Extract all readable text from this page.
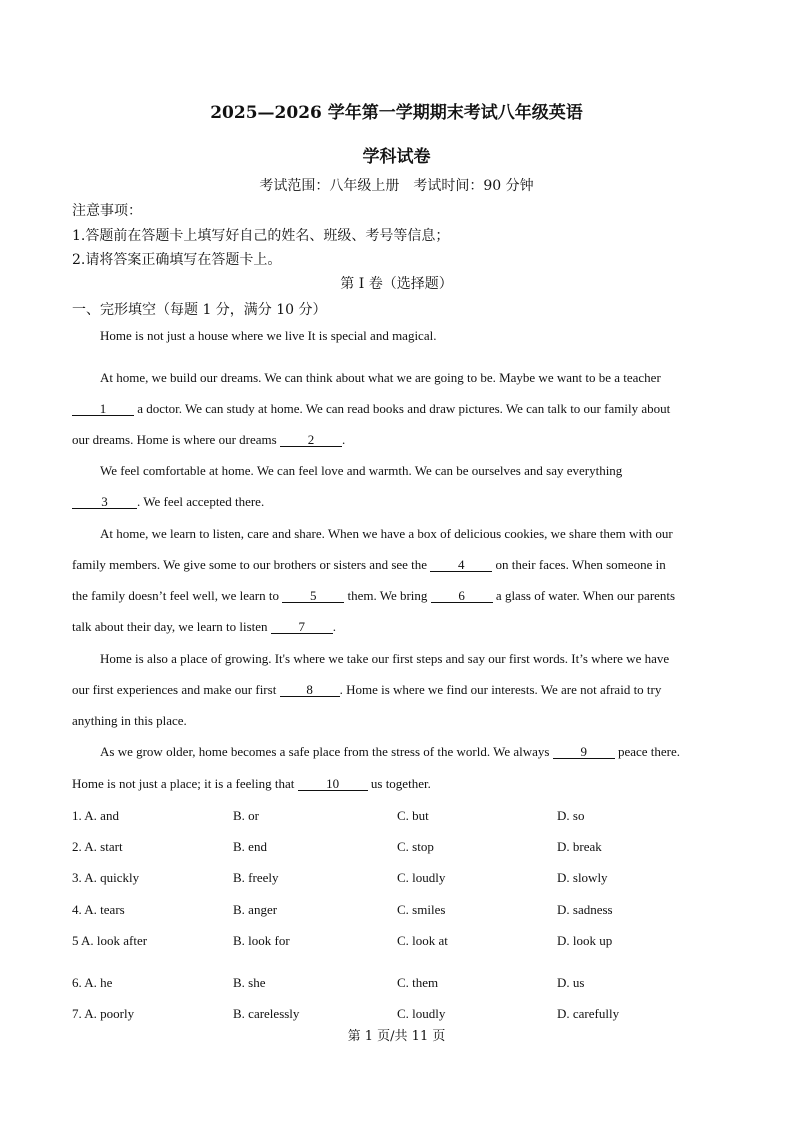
2025—2026 学年第一学期期末考试八年级英语
学科试卷
考试范围：八年级上册　考试时间：90 分钟
注意事项：
1.答题前在答题卡上填写好自己的姓名、班级、考号等信息；
2.请将答案正确填写在答题卡上。
第 I 卷（选择题）
一、完形填空（每题 1 分，满分 10 分）
Home is not just a house where we live It is special and magical.
At home, we build our dreams. We can think about what we are going to be. Maybe we want to be a teacher
1 a doctor. We can study at home. We can read books and draw pictures. We can talk to our family about
our dreams. Home is where our dreams 2 .
We feel comfortable at home. We can feel love and warmth. We can be ourselves and say everything
3 . We feel accepted there.
At home, we learn to listen, care and share. When we have a box of delicious cookies, we share them with our
family members. We give some to our brothers or sisters and see the 4 on their faces. When someone in
the family doesn’t feel well, we learn to 5 them. We bring 6 a glass of water. When our parents
talk about their day, we learn to listen 7 .
Home is also a place of growing. It's where we take our first steps and say our first words. It’s where we have
our first experiences and make our first 8 . Home is where we find our interests. We are not afraid to try
anything in this place.
As we grow older, home becomes a safe place from the stress of the world. We always 9 peace there.
Home is not just a place; it is a feeling that 10 us together.
1. A. and	B. or	C. but	D. so
2. A. start	B. end	C. stop	D. break
3. A. quickly	B. freely	C. loudly	D. slowly
4. A. tears	B. anger	C. smiles	D. sadness
5 A. look after	B. look for	C. look at	D. look up
6. A. he	B. she	C. them	D. us
7. A. poorly	B. carelessly	C. loudly	D. carefully
第 1 页/共 11 页
